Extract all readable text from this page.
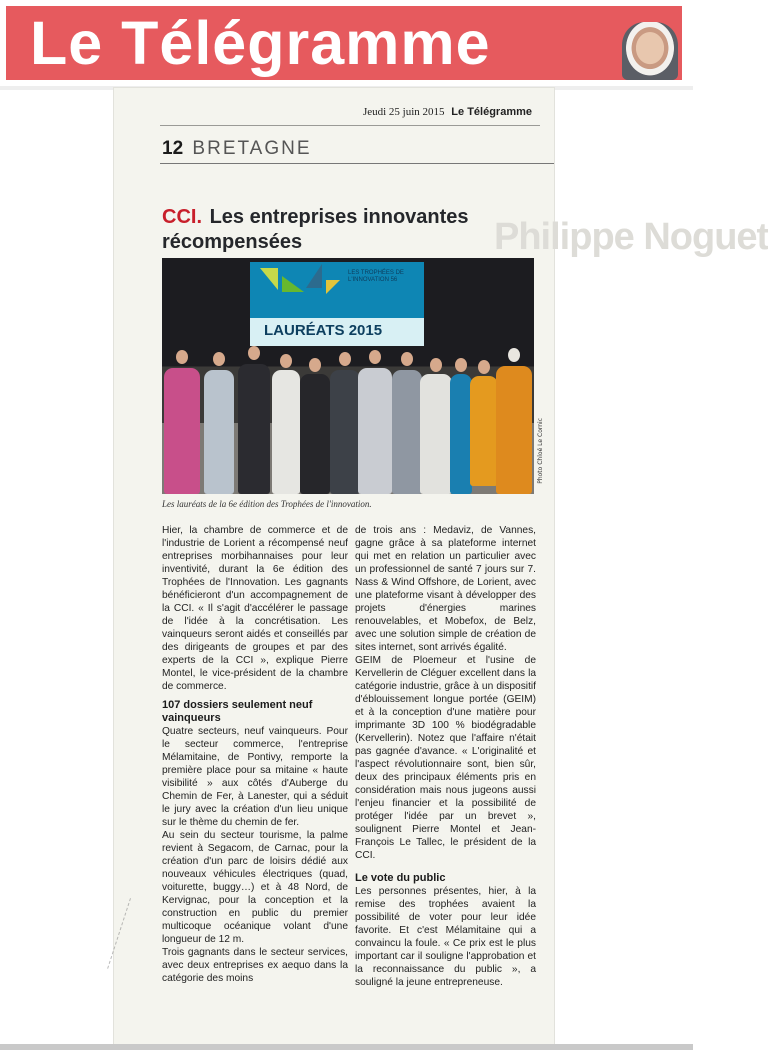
Le Télégramme
Jeudi 25 juin 2015 Le Télégramme
12 BRETAGNE
Philippe Noguet
CCI. Les entreprises innovantes récompensées
LES TROPHÉES DE L'INNOVATION 56
LAURÉATS 2015
Photo Chloé Le Cornic
Les lauréats de la 6e édition des Trophées de l'innovation.

Hier, la chambre de commerce et de l'industrie de Lorient a récompensé neuf entreprises morbihannaises pour leur inventivité, durant la 6e édition des Trophées de l'Innovation. Les gagnants bénéficieront d'un accompagnement de la CCI. « Il s'agit d'accélérer le passage de l'idée à la concrétisation. Les vainqueurs seront aidés et conseillés par des dirigeants de groupes et par des experts de la CCI », explique Pierre Montel, le vice-président de la chambre de commerce.

107 dossiers seulement neuf vainqueurs

Quatre secteurs, neuf vainqueurs. Pour le secteur commerce, l'entreprise Mélamitaine, de Pontivy, remporte la première place pour sa mitaine « haute visibilité » aux côtés d'Auberge du Chemin de Fer, à Lanester, qui a séduit le jury avec la création d'un lieu unique sur le thème du chemin de fer.

Au sein du secteur tourisme, la palme revient à Segacom, de Carnac, pour la création d'un parc de loisirs dédié aux nouveaux véhicules électriques (quad, voiturette, buggy…) et à 48 Nord, de Kervignac, pour la conception et la construction en public du premier multicoque océanique volant d'une longueur de 12 m.

Trois gagnants dans le secteur services, avec deux entreprises ex aequo dans la catégorie des moins

de trois ans : Medaviz, de Vannes, gagne grâce à sa plateforme internet qui met en relation un particulier avec un professionnel de santé 7 jours sur 7. Nass & Wind Offshore, de Lorient, avec une plateforme visant à développer des projets d'énergies marines renouvelables, et Mobefox, de Belz, avec une solution simple de création de sites internet, sont arrivés égalité.

GEIM de Ploemeur et l'usine de Kervellerin de Cléguer excellent dans la catégorie industrie, grâce à un dispositif d'éblouissement longue portée (GEIM) et à la conception d'une matière pour imprimante 3D 100 % biodégradable (Kervellerin). Notez que l'affaire n'était pas gagnée d'avance. « L'originalité et l'aspect révolutionnaire sont, bien sûr, deux des principaux éléments pris en considération mais nous jugeons aussi l'enjeu financier et la possibilité de protéger l'idée par un brevet », soulignent Pierre Montel et Jean-François Le Tallec, le président de la CCI.

Le vote du public

Les personnes présentes, hier, à la remise des trophées avaient la possibilité de voter pour leur idée favorite. Et c'est Mélamitaine qui a convaincu la foule. « Ce prix est le plus important car il souligne l'approbation et la reconnaissance du public », a souligné la jeune entrepreneuse.
